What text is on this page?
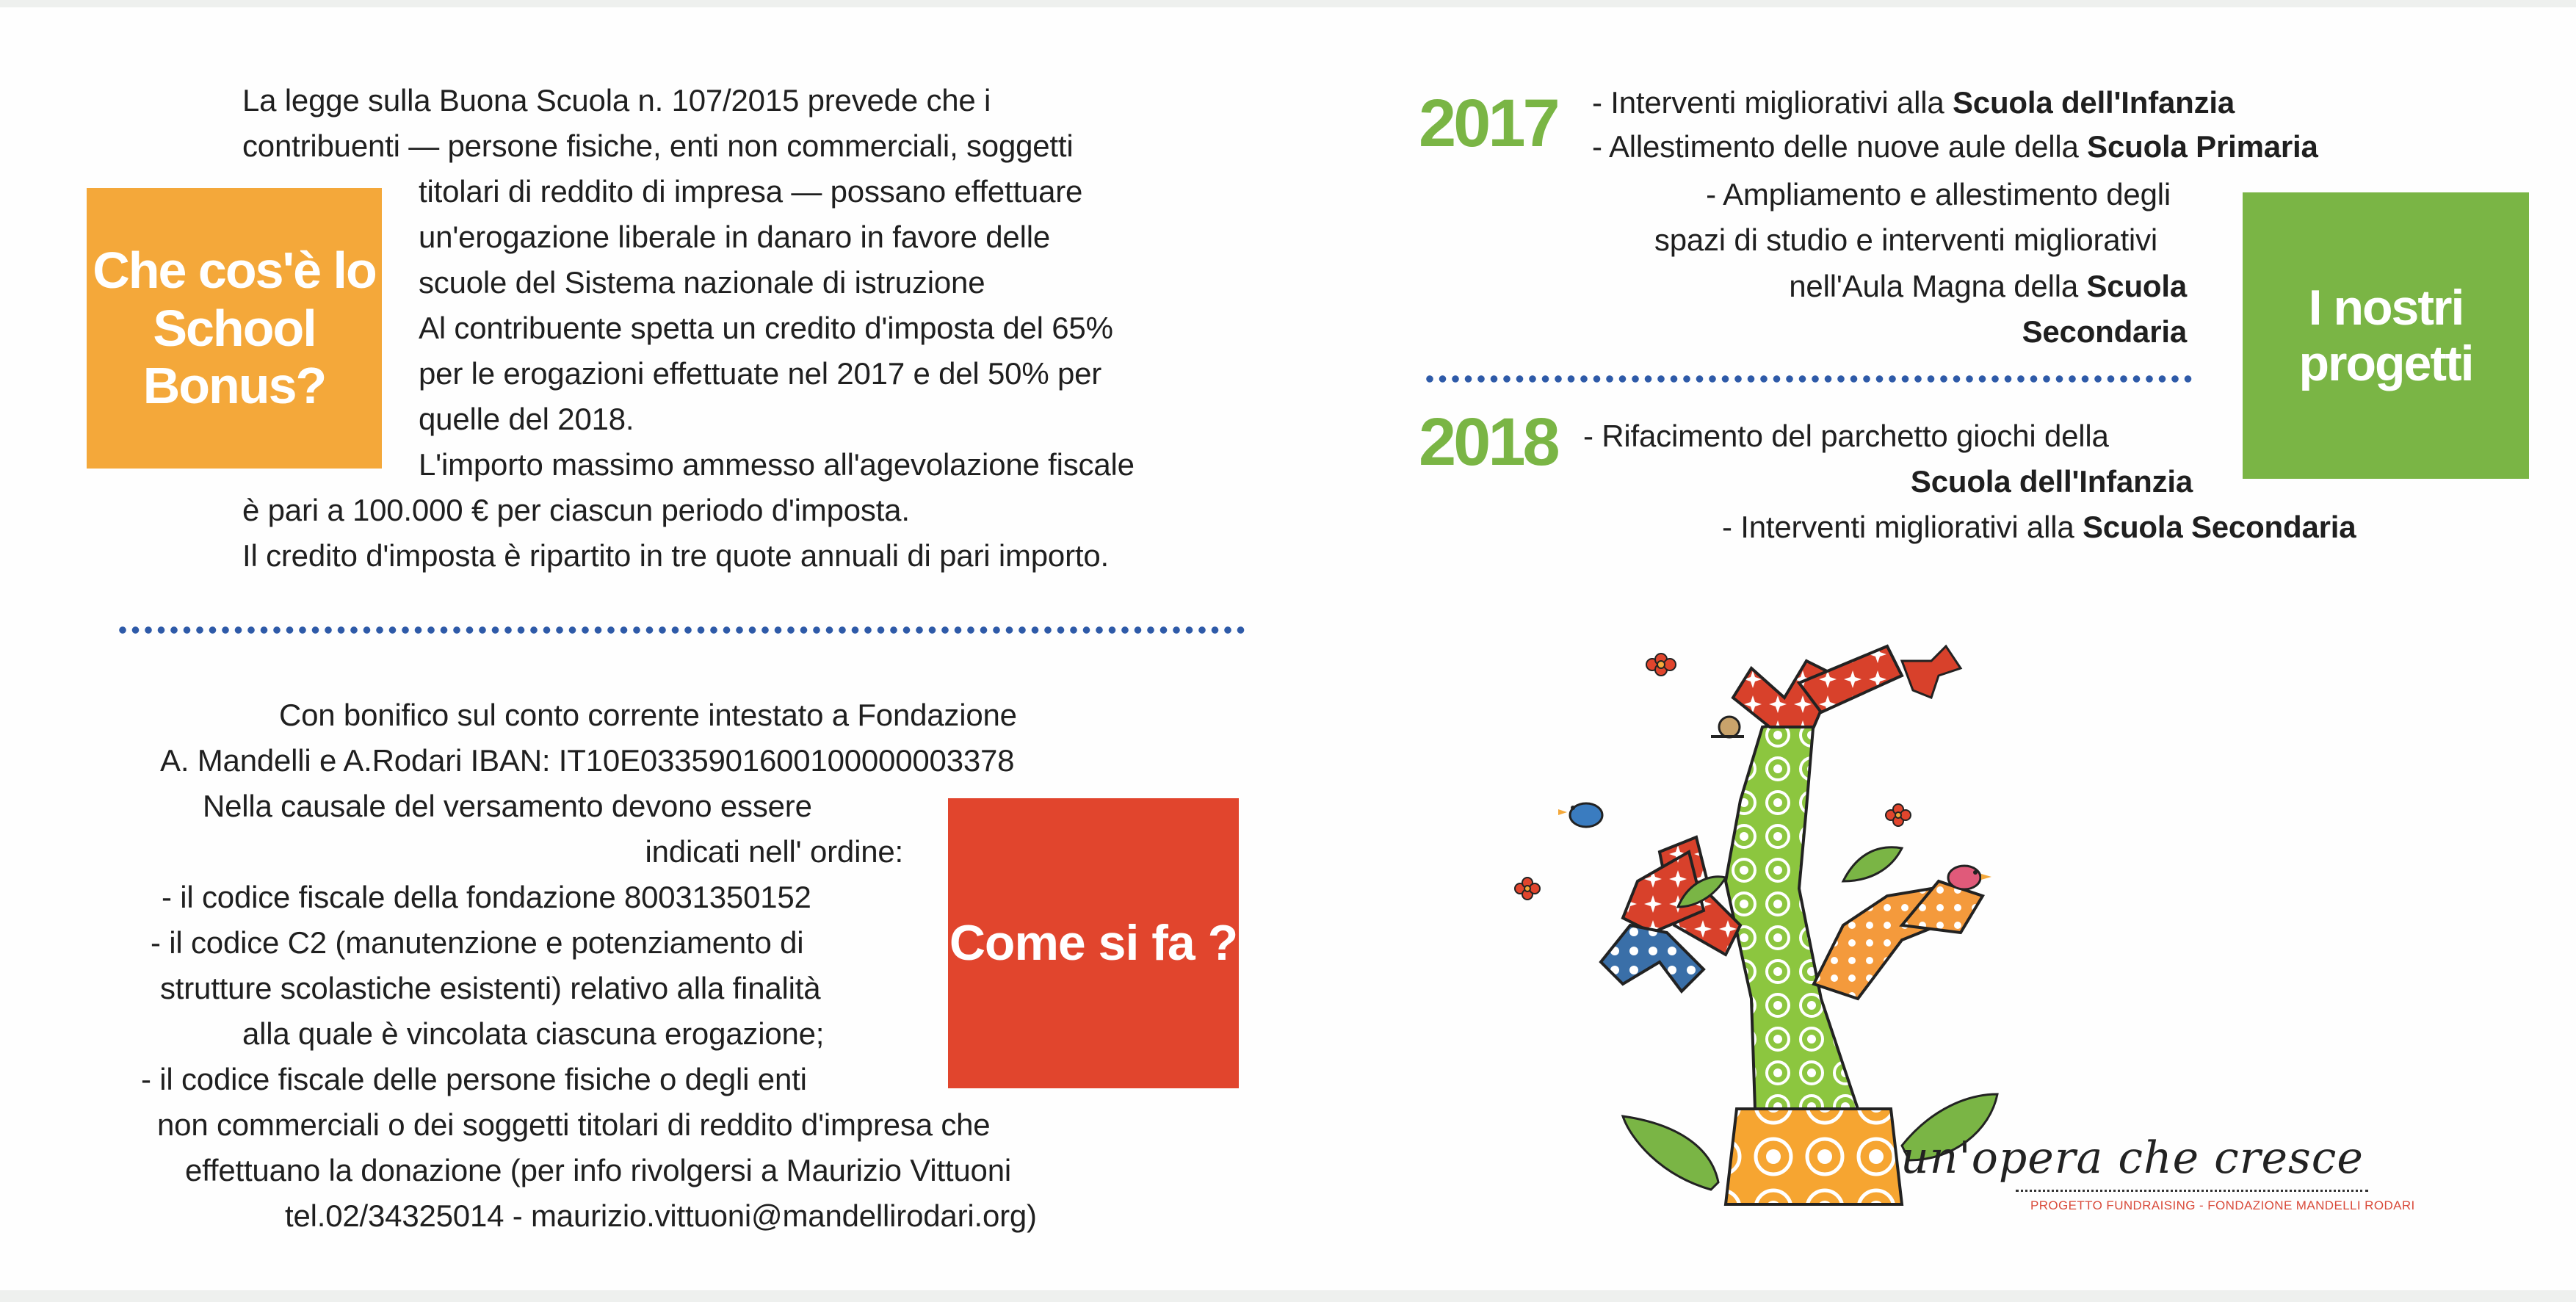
Che cos'è lo School Bonus?
La legge sulla Buona Scuola n. 107/2015 prevede che i
contribuenti — persone fisiche, enti non commerciali, soggetti
titolari di reddito di impresa — possano effettuare
un'erogazione liberale in danaro in favore delle
scuole del Sistema nazionale di istruzione
Al contribuente spetta un credito d'imposta del 65%
per le erogazioni effettuate nel 2017 e del 50% per
quelle del 2018.
L'importo massimo ammesso all'agevolazione fiscale
è pari a 100.000 € per ciascun periodo d'imposta.
Il credito d'imposta è ripartito in tre quote annuali di pari importo.
Come si fa ?
Con bonifico sul conto corrente intestato a Fondazione
A. Mandelli e A.Rodari IBAN: IT10E0335901600100000003378
Nella causale del versamento devono essere
indicati nell' ordine:
- il codice fiscale della fondazione 80031350152
- il codice C2 (manutenzione e potenziamento di
strutture scolastiche esistenti) relativo alla finalità
alla quale è vincolata ciascuna erogazione;
- il codice fiscale delle persone fisiche o degli enti
non commerciali o dei soggetti titolari di reddito d'impresa che
effettuano la donazione (per info rivolgersi a Maurizio Vittuoni
tel.02/34325014 - maurizio.vittuoni@mandellirodari.org)
2017 - Interventi migliorativi alla Scuola dell'Infanzia
- Allestimento delle nuove aule della Scuola Primaria
- Ampliamento e allestimento degli
spazi di studio e interventi migliorativi
nell'Aula Magna della Scuola
Secondaria
2018 - Rifacimento del parchetto giochi della
Scuola dell'Infanzia
- Interventi migliorativi alla Scuola Secondaria
I nostri progetti
un'opera che cresce
PROGETTO FUNDRAISING - FONDAZIONE MANDELLI RODARI
